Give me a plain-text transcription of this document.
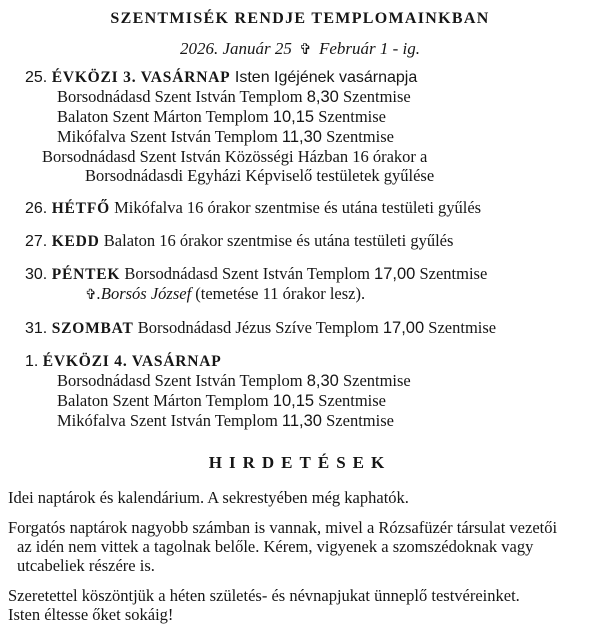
SZENTMISÉK RENDJE TEMPLOMAINKBAN
2026. Január 25 ✞ Február 1 - ig.
25. ÉVKÖZI 3. VASÁRNAP Isten Igéjének vasárnapja
Borsodnádasd Szent István Templom 8,30 Szentmise
Balaton Szent Márton Templom 10,15 Szentmise
Mikófalva Szent István Templom 11,30 Szentmise
Borsodnádasd Szent István Közösségi Házban 16 órakor a
Borsodnádasdi Egyházi Képviselő testületek gyűlése
26. HÉTFŐ Mikófalva 16 órakor szentmise és utána testületi gyűlés
27. KEDD Balaton 16 órakor szentmise és utána testületi gyűlés
30. PÉNTEK Borsodnádasd Szent István Templom 17,00 Szentmise
✞.Borsós József (temetése 11 órakor lesz).
31. SZOMBAT Borsodnádasd Jézus Szíve Templom 17,00 Szentmise
1. ÉVKÖZI 4. VASÁRNAP
Borsodnádasd Szent István Templom 8,30 Szentmise
Balaton Szent Márton Templom 10,15 Szentmise
Mikófalva Szent István Templom 11,30 Szentmise
HIRDETÉSEK
Idei naptárok és kalendárium. A sekrestyében még kaphatók.
Forgatós naptárok nagyobb számban is vannak, mivel a Rózsafüzér társulat vezetői
az idén nem vittek a tagolnak belőle. Kérem, vigyenek a szomszédoknak vagy
utcabeliek részére is.
Szeretettel köszöntjük a héten születés- és névnapjukat ünneplő testvéreinket.
Isten éltesse őket sokáig!
